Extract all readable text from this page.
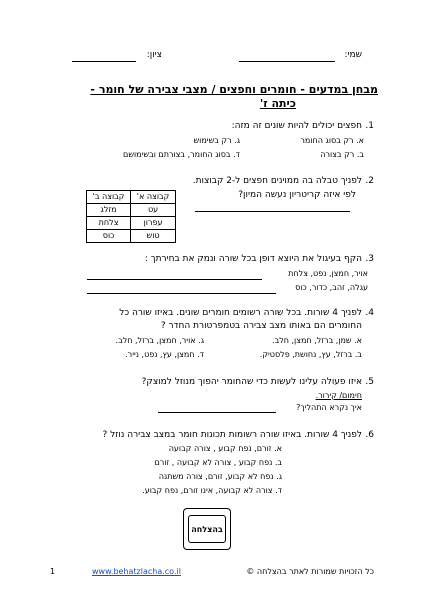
שמי:
ציון:
מבחן במדעים - חומרים וחפצים / מצבי צבירה של חומר -
כיתה ז'
1.
חפצים יכולים להיות שונים זה מזה:
א. רק בסוג החומר
ג. רק בשימוש
ב. רק בצורה
ד. בסוג החומר, בצורתם ובשימושם
2.
לפניך טבלה בה ממוינים חפצים ל-2 קבוצות.
לפי איזה קריטריון נעשה המיון?
קבוצה א'	קבוצה ב'
עט	מזלג
עפרון	צלחת
טוש	כוס
3.
הקף בעיגול את היוצא דופן בכל שורה ונמק את בחירתך :
אויר, חמצן, נפט, צלחת
עגלה, זהב, כדור, כוס
4.
לפניך 4 שורות. בכל שורה רשומים חומרים שונים. באיזו שורה כל
החומרים הם באותו מצב צבירה בטמפרטורת החדר ?
א. שמן, ברזל, חמצן, חלב.
ג. אויר, חמצן, ברזל, חלב.
ב. ברזל, עץ, נחושת, פלסטיק.
ד. חמצן, עץ, נפט, נייר.
5.
איזו פעולה עלינו לעשות כדי שהחומר יהפוך מנוזל למוצק?
חימום/ קירור.
איך נקרא התהליך?
6.
לפניך 4 שורות. באיזו שורה רשומות תכונות חומר במצב צבירה נוזל ?
א. זורם, נפח קבוע , צורה קבועה
ב. נפח קבוע , צורה לא קבועה , זורם
ג. נפח לא קבוע, זורם, צורה משתנה
ד. צורה לא קבועה, אינו זורם, נפח קבוע.
בהצלחה
1	www.behatzlacha.co.il	כל הזכויות שמורות לאתר בהצלחה ©
